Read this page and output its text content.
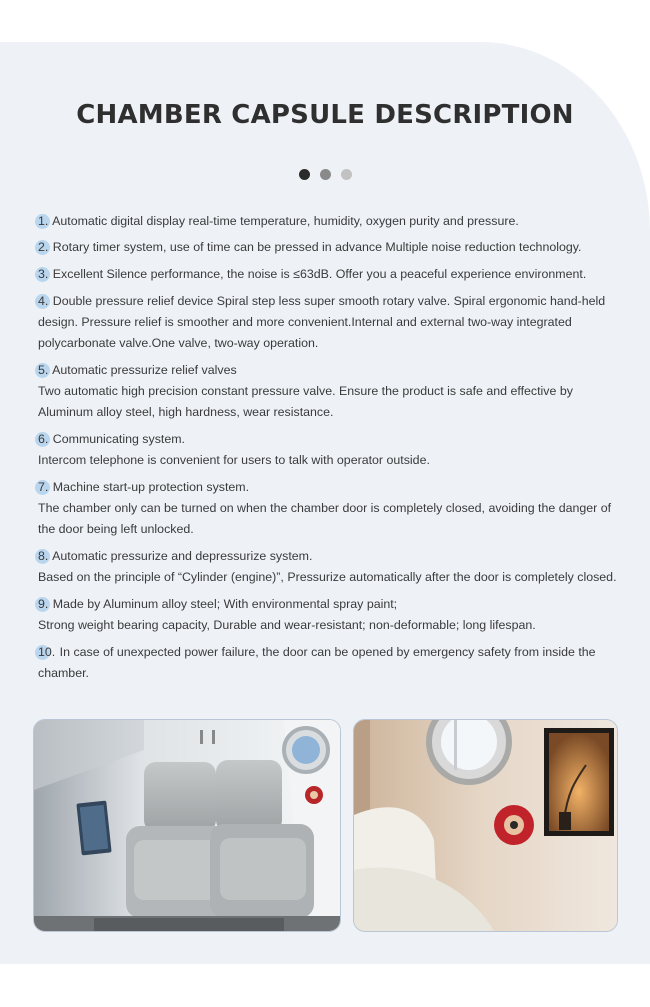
CHAMBER CAPSULE DESCRIPTION
1. Automatic digital display real-time temperature, humidity, oxygen purity and pressure.
2. Rotary timer system, use of time can be pressed in advance Multiple noise reduction technology.
3. Excellent Silence performance, the noise is ≤63dB. Offer you a peaceful experience environment.
4. Double pressure relief device Spiral step less super smooth rotary valve. Spiral ergonomic hand-held design. Pressure relief is smoother and more convenient.Internal and external two-way integrated polycarbonate valve.One valve, two-way operation.
5. Automatic pressurize relief valves
Two automatic high precision constant pressure valve. Ensure the product is safe and effective by Aluminum alloy steel, high hardness, wear resistance.
6. Communicating system.
Intercom telephone is convenient for users to talk with operator outside.
7. Machine start-up protection system.
The chamber only can be turned on when the chamber door is completely closed, avoiding the danger of the door being left unlocked.
8. Automatic pressurize and depressurize system.
Based on the principle of “Cylinder (engine)”, Pressurize automatically after the door is completely closed.
9. Made by Aluminum alloy steel; With environmental spray paint;
Strong weight bearing capacity, Durable and wear-resistant; non-deformable; long lifespan.
10. In case of unexpected power failure, the door can be opened by emergency safety from inside the chamber.
